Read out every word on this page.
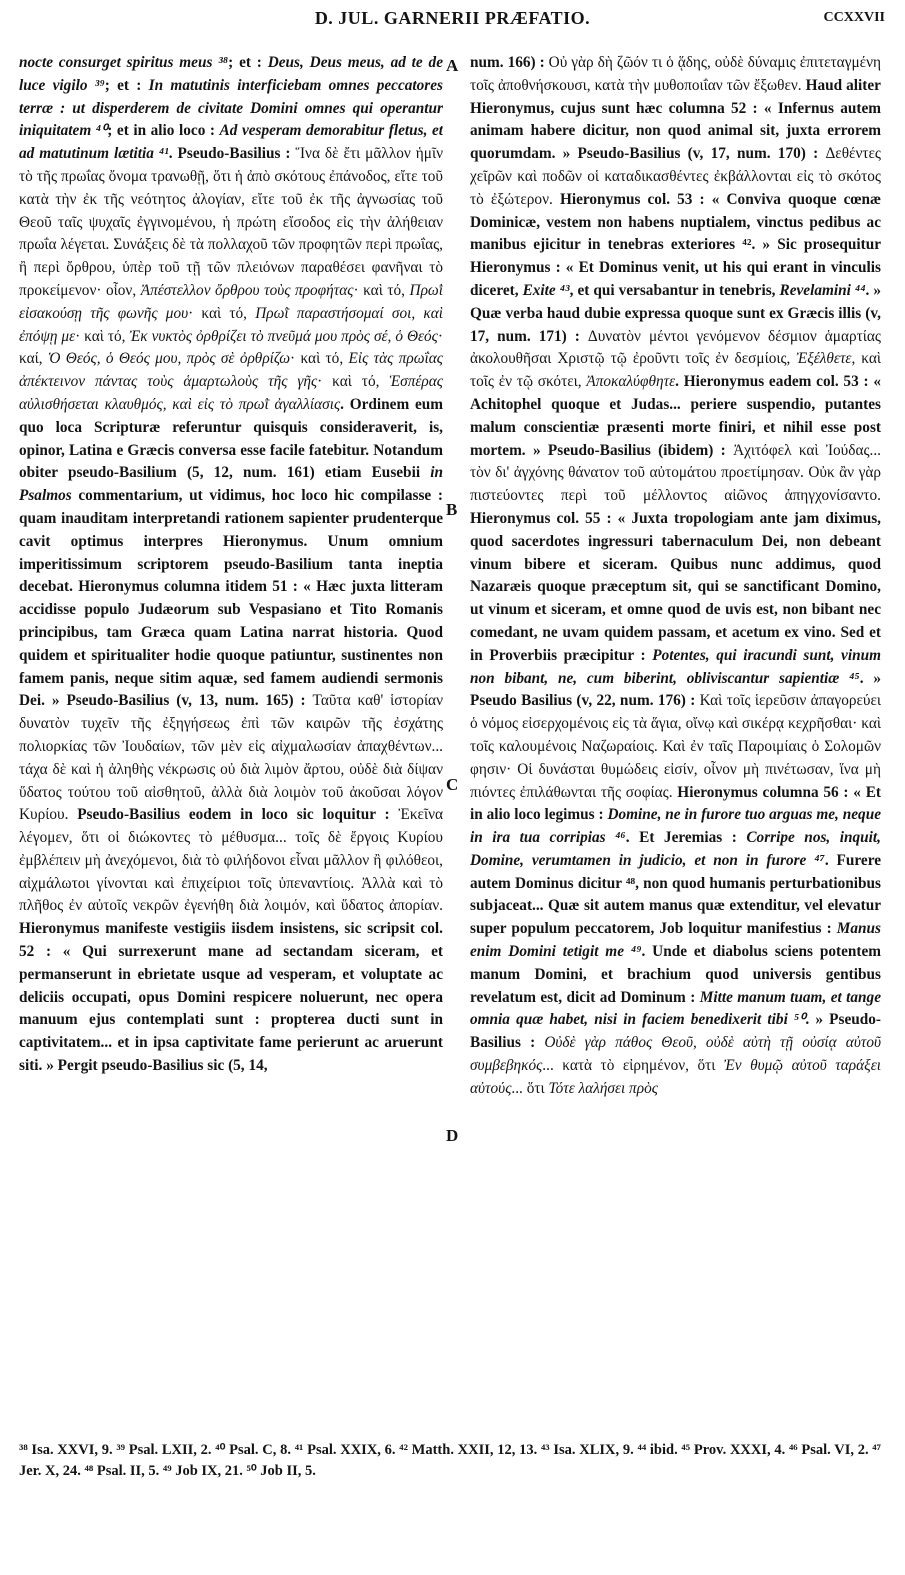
D. JUL. GARNERII PRÆFATIO.	CCXXVII
A
B
C
D

nocte consurget spiritus meus ³⁸; et : Deus, Deus meus, ad te de luce vigilo ³⁹; et : In matutinis interficiebam omnes peccatores terræ : ut disperderem de civitate Domini omnes qui operantur iniquitatem ⁴⁰; et in alio loco : Ad vesperam demorabitur fletus, et ad matutinum lætitia ⁴¹. Pseudo-Basilius : Ἵνα δὲ ἔτι μᾶλλον ἡμῖν τὸ τῆς πρωΐας ὄνομα τρανωθῇ, ὅτι ἡ ἀπὸ σκότους ἐπάνοδος, εἴτε τοῦ κατὰ τὴν ἐκ τῆς νεότητος ἀλογίαν, εἴτε τοῦ ἐκ τῆς ἀγνωσίας τοῦ Θεοῦ ταῖς ψυχαῖς ἐγγινομένου, ἡ πρώτη εἴσοδος εἰς τὴν ἀλήθειαν πρωΐα λέγεται. Συνάξεις δὲ τὰ πολλαχοῦ τῶν προφητῶν περὶ πρωΐας, ἢ περὶ ὄρθρου, ὑπὲρ τοῦ τῇ τῶν πλειόνων παραθέσει φανῆναι τὸ προκείμενον· οἷον, Ἀπέστελλον ὄρθρου τοὺς προφήτας· καὶ τό, Πρωῒ εἰσακούσῃ τῆς φωνῆς μου· καὶ τό, Πρωῒ παραστήσομαί σοι, καὶ ἐπόψῃ με· καὶ τό, Ἐκ νυκτὸς ὀρθρίζει τὸ πνεῦμά μου πρὸς σέ, ὁ Θεός· καί, Ὁ Θεός, ὁ Θεός μου, πρὸς σὲ ὀρθρίζω· καὶ τό, Εἰς τὰς πρωΐας ἀπέκτεινον πάντας τοὺς ἁμαρτωλοὺς τῆς γῆς· καὶ τό, Ἑσπέρας αὐλισθήσεται κλαυθμός, καὶ εἰς τὸ πρωῒ ἀγαλλίασις. Ordinem eum quo loca Scripturæ referuntur quisquis consideraverit, is, opinor, Latina e Græcis conversa esse facile fatebitur. Notandum obiter pseudo-Basilium (5, 12, num. 161) etiam Eusebii in Psalmos commentarium, ut vidimus, hoc loco hic compilasse : quam inauditam interpretandi rationem sapienter prudenterque cavit optimus interpres Hieronymus. Unum omnium imperitissimum scriptorem pseudo-Basilium tanta ineptia decebat. Hieronymus columna itidem 51 : « Hæc juxta litteram accidisse populo Judæorum sub Vespasiano et Tito Romanis principibus, tam Græca quam Latina narrat historia. Quod quidem et spiritualiter hodie quoque patiuntur, sustinentes non famem panis, neque sitim aquæ, sed famem audiendi sermonis Dei. » Pseudo-Basilius (v, 13, num. 165) : Ταῦτα καθ' ἱστορίαν δυνατὸν τυχεῖν τῆς ἐξηγήσεως ἐπὶ τῶν καιρῶν τῆς ἐσχάτης πολιορκίας τῶν Ἰουδαίων, τῶν μὲν εἰς αἰχμαλωσίαν ἀπαχθέντων... τάχα δὲ καὶ ἡ ἀληθὴς νέκρωσις οὐ διὰ λιμὸν ἄρτου, οὐδὲ διὰ δίψαν ὕδατος τούτου τοῦ αἰσθητοῦ, ἀλλὰ διὰ λοιμὸν τοῦ ἀκοῦσαι λόγον Κυρίου. Pseudo-Basilius eodem in loco sic loquitur : Ἐκεῖνα λέγομεν, ὅτι οἱ διώκοντες τὸ μέθυσμα... τοῖς δὲ ἔργοις Κυρίου ἐμβλέπειν μὴ ἀνεχόμενοι, διὰ τὸ φιλήδονοι εἶναι μᾶλλον ἢ φιλόθεοι, αἰχμάλωτοι γίνονται καὶ ἐπιχείριοι τοῖς ὑπεναντίοις. Ἀλλὰ καὶ τὸ πλῆθος ἐν αὐτοῖς νεκρῶν ἐγενήθη διὰ λοιμόν, καὶ ὕδατος ἀπορίαν. Hieronymus manifeste vestigiis iisdem insistens, sic scripsit col. 52 : « Qui surrexerunt mane ad sectandam siceram, et permanserunt in ebrietate usque ad vesperam, et voluptate ac deliciis occupati, opus Domini respicere noluerunt, nec opera manuum ejus contemplati sunt : propterea ducti sunt in captivitatem... et in ipsa captivitate fame perierunt ac aruerunt siti. » Pergit pseudo-Basilius sic (5, 14,

num. 166) : Οὐ γὰρ δὴ ζῶόν τι ὁ ᾅδης, οὐδὲ δύναμις ἐπιτεταγμένη τοῖς ἀποθνήσκουσι, κατὰ τὴν μυθοποιΐαν τῶν ἔξωθεν. Haud aliter Hieronymus, cujus sunt hæc columna 52 : « Infernus autem animam habere dicitur, non quod animal sit, juxta errorem quorumdam. » Pseudo-Basilius (v, 17, num. 170) : Δεθέντες χεῖρῶν καὶ ποδῶν οἱ καταδικασθέντες ἐκβάλλονται εἰς τὸ σκότος τὸ ἐξώτερον. Hieronymus col. 53 : « Conviva quoque cœnæ Dominicæ, vestem non habens nuptialem, vinctus pedibus ac manibus ejicitur in tenebras exteriores ⁴². » Sic prosequitur Hieronymus : « Et Dominus venit, ut his qui erant in vinculis diceret, Exite ⁴³, et qui versabantur in tenebris, Revelamini ⁴⁴. » Quæ verba haud dubie expressa quoque sunt ex Græcis illis (v, 17, num. 171) : Δυνατὸν μέντοι γενόμενον δέσμιον ἁμαρτίας ἀκολουθῆσαι Χριστῷ τῷ ἐροῦντι τοῖς ἐν δεσμίοις, Ἐξέλθετε, καὶ τοῖς ἐν τῷ σκότει, Ἀποκαλύφθητε. Hieronymus eadem col. 53 : « Achitophel quoque et Judas... periere suspendio, putantes malum conscientiæ præsenti morte finiri, et nihil esse post mortem. » Pseudo-Basilius (ibidem) : Ἀχιτόφελ καὶ Ἰούδας... τὸν δι' ἀγχόνης θάνατον τοῦ αὐτομάτου προετίμησαν. Οὐκ ἂν γὰρ πιστεύοντες περὶ τοῦ μέλλοντος αἰῶνος ἀπηγχονίσαντο. Hieronymus col. 55 : « Juxta tropologiam ante jam diximus, quod sacerdotes ingressuri tabernaculum Dei, non debeant vinum bibere et siceram. Quibus nunc addimus, quod Nazaræis quoque præceptum sit, qui se sanctificant Domino, ut vinum et siceram, et omne quod de uvis est, non bibant nec comedant, ne uvam quidem passam, et acetum ex vino. Sed et in Proverbiis præcipitur : Potentes, qui iracundi sunt, vinum non bibant, ne, cum biberint, obliviscantur sapientiæ ⁴⁵. » Pseudo Basilius (v, 22, num. 176) : Καὶ τοῖς ἱερεῦσιν ἀπαγορεύει ὁ νόμος εἰσερχομένοις εἰς τὰ ἅγια, οἴνῳ καὶ σικέρᾳ κεχρῆσθαι· καὶ τοῖς καλουμένοις Ναζωραίοις. Καὶ ἐν ταῖς Παροιμίαις ὁ Σολομῶν φησιν· Οἱ δυνάσται θυμώδεις εἰσίν, οἶνον μὴ πινέτωσαν, ἵνα μὴ πιόντες ἐπιλάθωνται τῆς σοφίας. Hieronymus columna 56 : « Et in alio loco legimus : Domine, ne in furore tuo arguas me, neque in ira tua corripias ⁴⁶. Et Jeremias : Corripe nos, inquit, Domine, verumtamen in judicio, et non in furore ⁴⁷. Furere autem Dominus dicitur ⁴⁸, non quod humanis perturbationibus subjaceat... Quæ sit autem manus quæ extenditur, vel elevatur super populum peccatorem, Job loquitur manifestius : Manus enim Domini tetigit me ⁴⁹. Unde et diabolus sciens potentem manum Domini, et brachium quod universis gentibus revelatum est, dicit ad Dominum : Mitte manum tuam, et tange omnia quæ habet, nisi in faciem benedixerit tibi ⁵⁰. » Pseudo-Basilius : Οὐδὲ γὰρ πάθος Θεοῦ, οὐδὲ αὐτὴ τῇ οὐσίᾳ αὐτοῦ συμβεβηκός... κατὰ τὸ εἰρημένον, ὅτι Ἐν θυμῷ αὐτοῦ ταράξει αὐτούς... ὅτι Τότε λαλήσει πρὸς

³⁸ Isa. XXVI, 9. ³⁹ Psal. LXII, 2. ⁴⁰ Psal. C, 8. ⁴¹ Psal. XXIX, 6. ⁴² Matth. XXII, 12, 13. ⁴³ Isa. XLIX, 9. ⁴⁴ ibid. ⁴⁵ Prov. XXXI, 4. ⁴⁶ Psal. VI, 2. ⁴⁷ Jer. X, 24. ⁴⁸ Psal. II, 5. ⁴⁹ Job IX, 21. ⁵⁰ Job II, 5.
